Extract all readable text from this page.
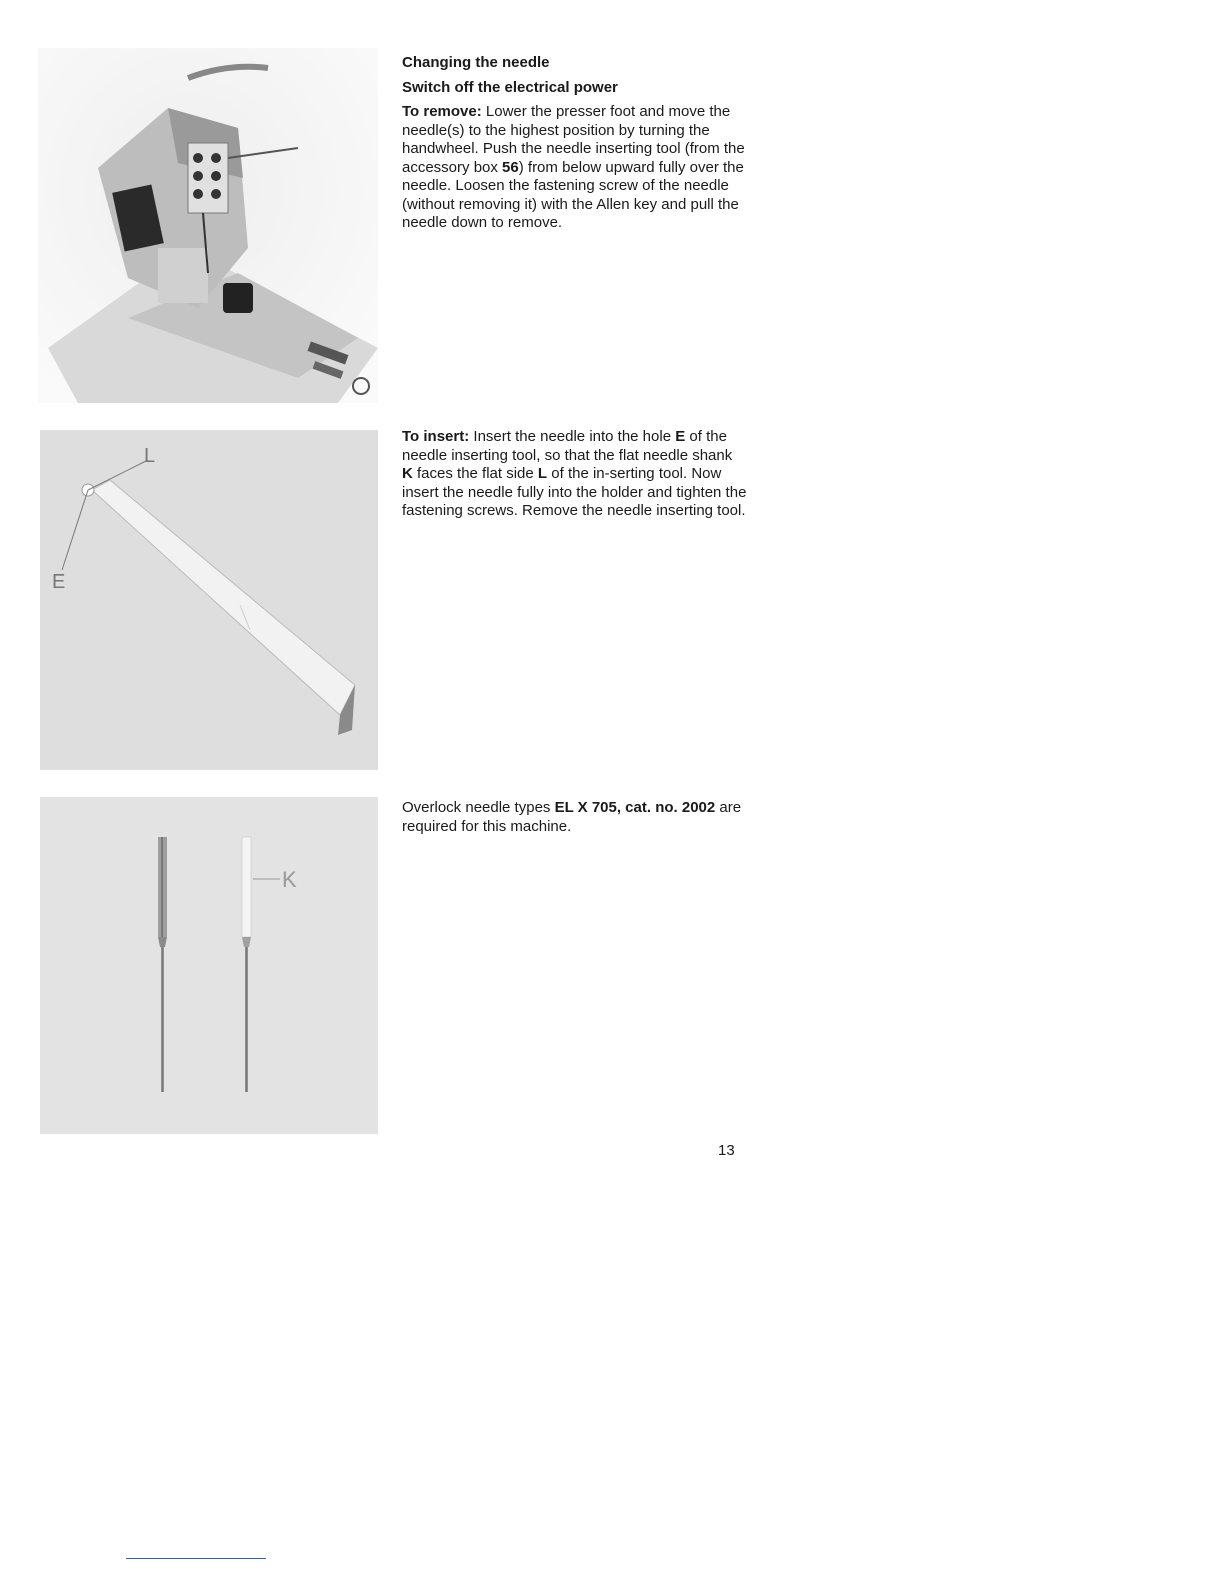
Changing the needle

Switch off the electrical power

To remove: Lower the presser foot and move the needle(s) to the highest position by turning the handwheel. Push the needle inserting tool (from the accessory box 56) from below upward fully over the needle. Loosen the fastening screw of the needle (without removing it) with the Allen key and pull the needle down to remove.

L
E

To insert: Insert the needle into the hole E of the needle inserting tool, so that the flat needle shank K faces the flat side L of the in-serting tool. Now insert the needle fully into the holder and tighten the fastening screws. Remove the needle inserting tool.

K

Overlock needle types EL X 705, cat. no. 2002 are required for this machine.

13
